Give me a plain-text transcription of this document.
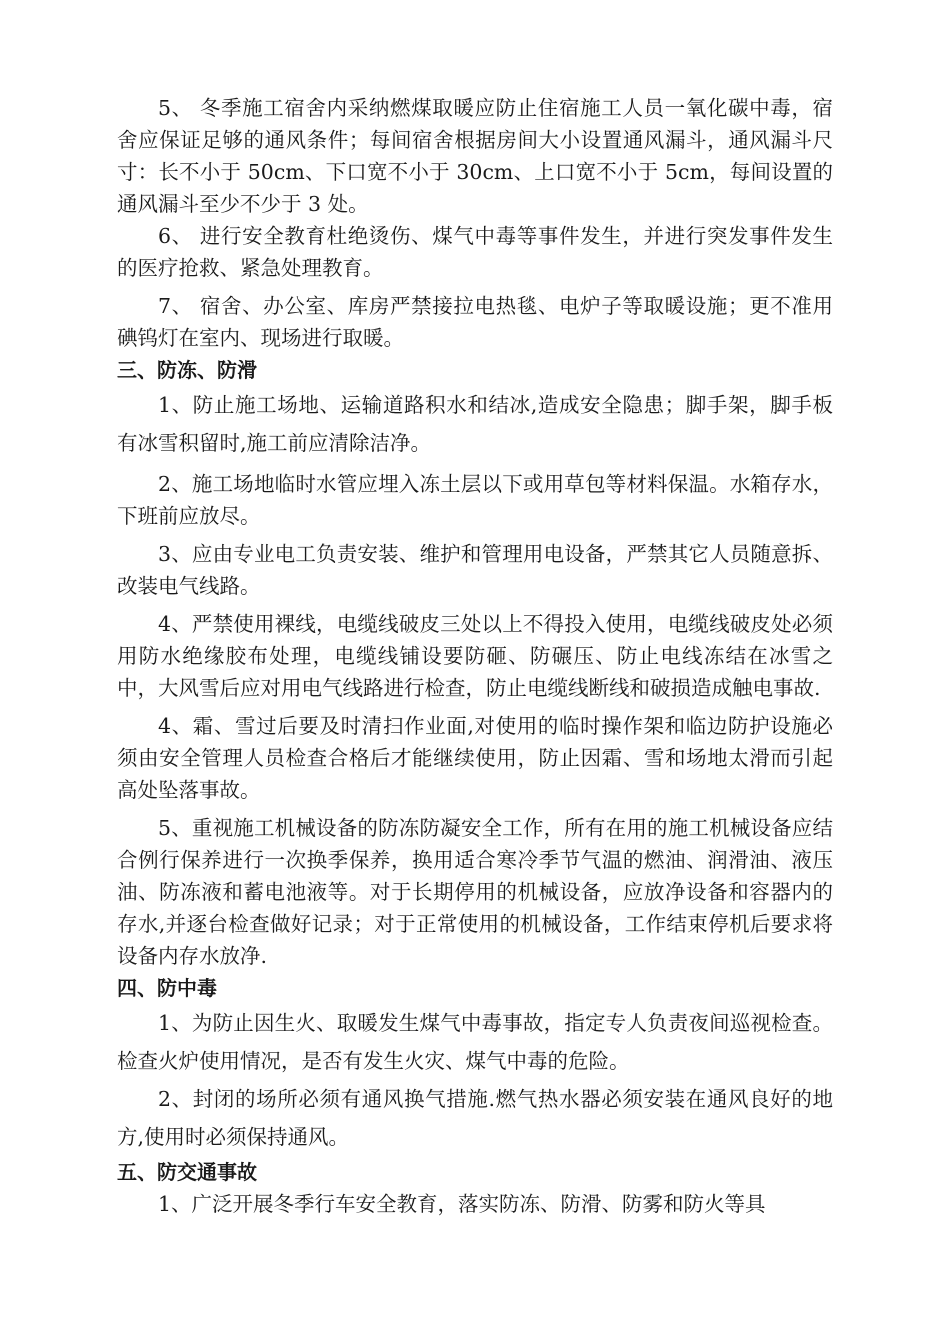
5、 冬季施工宿舍内采纳燃煤取暖应防止住宿施工人员一氧化碳中毒，宿舍应保证足够的通风条件；每间宿舍根据房间大小设置通风漏斗，通风漏斗尺寸：长不小于 50cm、下口宽不小于 30cm、上口宽不小于 5cm，每间设置的通风漏斗至少不少于 3 处。

6、 进行安全教育杜绝烫伤、煤气中毒等事件发生，并进行突发事件发生的医疗抢救、紧急处理教育。

7、 宿舍、办公室、库房严禁接拉电热毯、电炉子等取暖设施；更不准用碘钨灯在室内、现场进行取暖。

三、防冻、防滑

1、防止施工场地、运输道路积水和结冰,造成安全隐患；脚手架，脚手板有冰雪积留时,施工前应清除洁净。

2、施工场地临时水管应埋入冻土层以下或用草包等材料保温。水箱存水，下班前应放尽。

3、应由专业电工负责安装、维护和管理用电设备，严禁其它人员随意拆、改装电气线路。

4、严禁使用裸线，电缆线破皮三处以上不得投入使用，电缆线破皮处必须用防水绝缘胶布处理，电缆线铺设要防砸、防碾压、防止电线冻结在冰雪之中，大风雪后应对用电气线路进行检查，防止电缆线断线和破损造成触电事故.

4、霜、雪过后要及时清扫作业面,对使用的临时操作架和临边防护设施必须由安全管理人员检查合格后才能继续使用，防止因霜、雪和场地太滑而引起高处坠落事故。

5、重视施工机械设备的防冻防凝安全工作，所有在用的施工机械设备应结合例行保养进行一次换季保养，换用适合寒冷季节气温的燃油、润滑油、液压油、防冻液和蓄电池液等。对于长期停用的机械设备，应放净设备和容器内的存水,并逐台检查做好记录；对于正常使用的机械设备，工作结束停机后要求将设备内存水放净.

四、防中毒

1、为防止因生火、取暖发生煤气中毒事故，指定专人负责夜间巡视检查。检查火炉使用情况，是否有发生火灾、煤气中毒的危险。

2、封闭的场所必须有通风换气措施.燃气热水器必须安装在通风良好的地方,使用时必须保持通风。

五、防交通事故

1、广泛开展冬季行车安全教育，落实防冻、防滑、防雾和防火等具
